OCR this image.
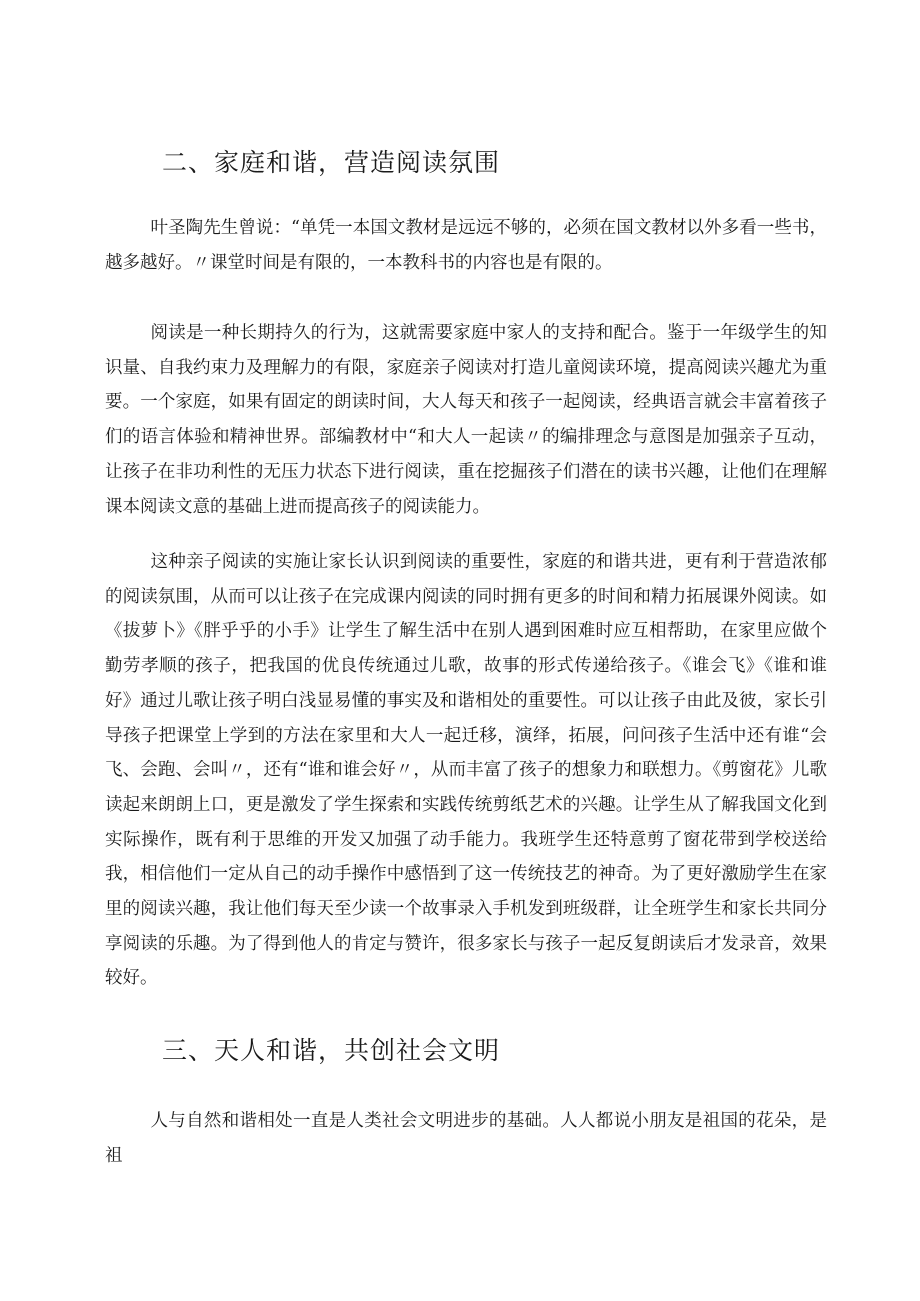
二、家庭和谐，营造阅读氛围

叶圣陶先生曾说：“单凭一本国文教材是远远不够的，必须在国文教材以外多看一些书，越多越好。〃课堂时间是有限的，一本教科书的内容也是有限的。

阅读是一种长期持久的行为，这就需要家庭中家人的支持和配合。鉴于一年级学生的知识量、自我约束力及理解力的有限，家庭亲子阅读对打造儿童阅读环境，提高阅读兴趣尤为重要。一个家庭，如果有固定的朗读时间，大人每天和孩子一起阅读，经典语言就会丰富着孩子们的语言体验和精神世界。部编教材中“和大人一起读〃的编排理念与意图是加强亲子互动，让孩子在非功利性的无压力状态下进行阅读，重在挖掘孩子们潜在的读书兴趣，让他们在理解课本阅读文意的基础上进而提高孩子的阅读能力。

这种亲子阅读的实施让家长认识到阅读的重要性，家庭的和谐共进，更有利于营造浓郁的阅读氛围，从而可以让孩子在完成课内阅读的同时拥有更多的时间和精力拓展课外阅读。如《拔萝卜》《胖乎乎的小手》让学生了解生活中在别人遇到困难时应互相帮助，在家里应做个勤劳孝顺的孩子，把我国的优良传统通过儿歌，故事的形式传递给孩子。《谁会飞》《谁和谁好》通过儿歌让孩子明白浅显易懂的事实及和谐相处的重要性。可以让孩子由此及彼，家长引导孩子把课堂上学到的方法在家里和大人一起迁移，演绎，拓展，问问孩子生活中还有谁“会飞、会跑、会叫〃，还有“谁和谁会好〃，从而丰富了孩子的想象力和联想力。《剪窗花》儿歌读起来朗朗上口，更是激发了学生探索和实践传统剪纸艺术的兴趣。让学生从了解我国文化到实际操作，既有利于思维的开发又加强了动手能力。我班学生还特意剪了窗花带到学校送给我，相信他们一定从自己的动手操作中感悟到了这一传统技艺的神奇。为了更好激励学生在家里的阅读兴趣，我让他们每天至少读一个故事录入手机发到班级群，让全班学生和家长共同分享阅读的乐趣。为了得到他人的肯定与赞许，很多家长与孩子一起反复朗读后才发录音，效果较好。

三、天人和谐，共创社会文明

人与自然和谐相处一直是人类社会文明进步的基础。人人都说小朋友是祖国的花朵，是祖
